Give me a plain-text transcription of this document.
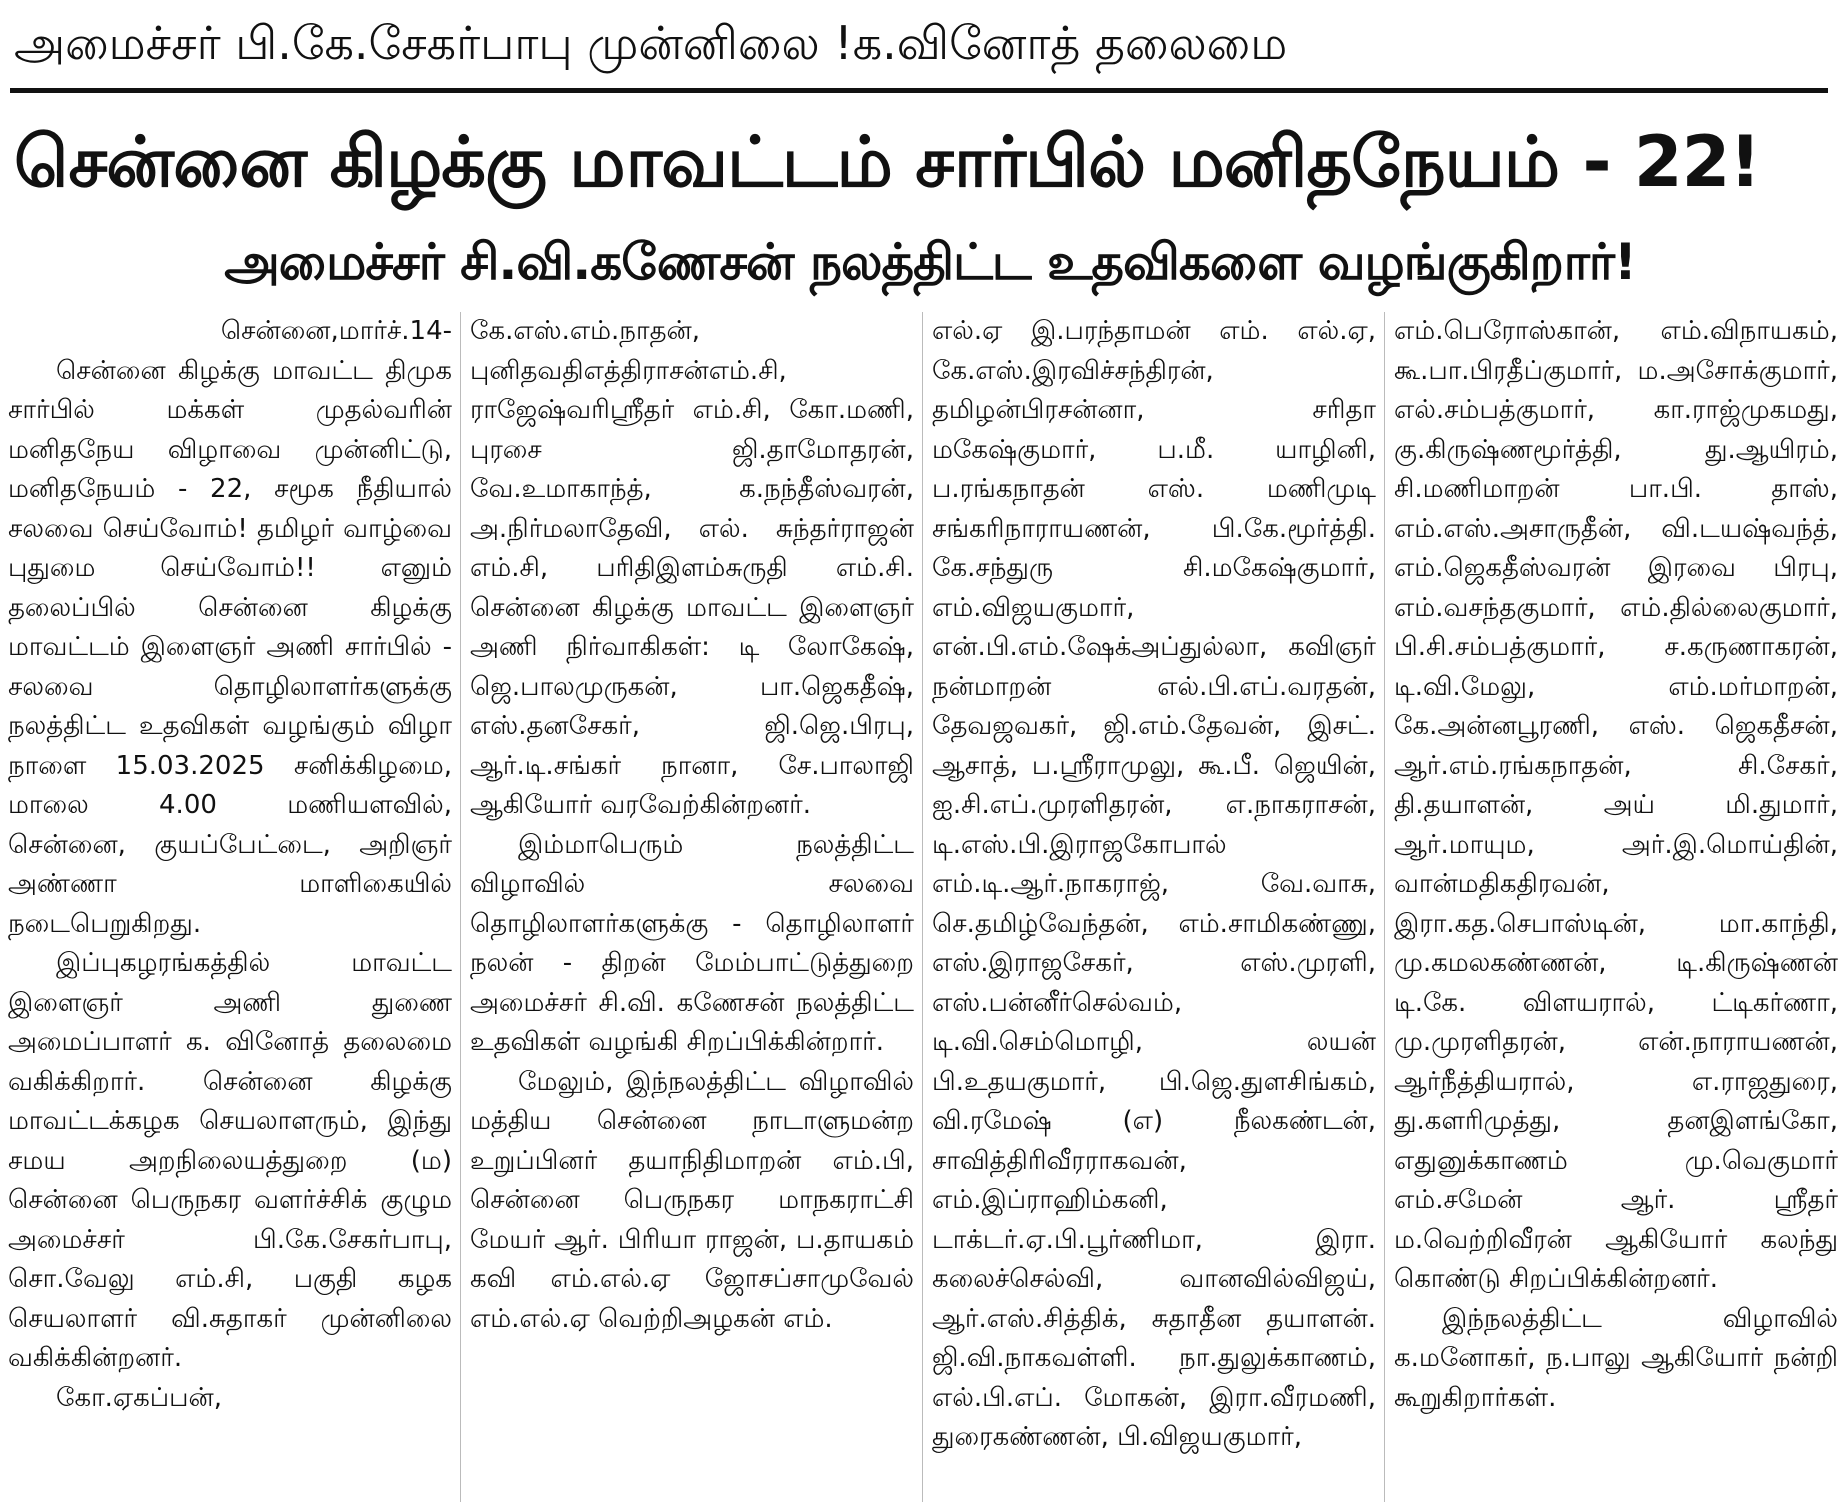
அமைச்சர் பி.கே.சேகர்பாபு முன்னிலை !க.வினோத் தலைமை
சென்னை கிழக்கு மாவட்டம் சார்பில் மனிதநேயம் - 22!
அமைச்சர் சி.வி.கணேசன் நலத்திட்ட உதவிகளை வழங்குகிறார்!

சென்னை,மார்ச்.14-

சென்னை கிழக்கு மாவட்ட திமுக சார்பில் மக்கள் முதல்வரின் மனிதநேய விழாவை முன்னிட்டு, மனிதநேயம் - 22, சமூக நீதியால் சலவை செய்வோம்! தமிழர் வாழ்வை புதுமை செய்வோம்!! எனும் தலைப்பில் சென்னை கிழக்கு மாவட்டம் இளைஞர் அணி சார்பில் - சலவை தொழிலாளர்களுக்கு நலத்திட்ட உதவிகள் வழங்கும் விழா நாளை 15.03.2025 சனிக்கிழமை, மாலை 4.00 மணியளவில், சென்னை, குயப்பேட்டை, அறிஞர் அண்ணா மாளிகையில் நடைபெறுகிறது.

இப்புகழரங்கத்தில் மாவட்ட இளைஞர் அணி துணை அமைப்பாளர் க. வினோத் தலைமை வகிக்கிறார். சென்னை கிழக்கு மாவட்டக்கழக செயலாளரும், இந்து சமய அறநிலையத்துறை (ம) சென்னை பெருநகர வளர்ச்சிக் குழும அமைச்சர் பி.கே.சேகர்பாபு, சொ.வேலு எம்.சி, பகுதி கழக செயலாளர் வி.சுதாகர் முன்னிலை வகிக்கின்றனர்.

கோ.ஏகப்பன்,

கே.எஸ்.எம்.நாதன், புனிதவதிஎத்திராசன்எம்.சி, ராஜேஷ்வரிஸ்ரீதர் எம்.சி, கோ.மணி, புரசை ஜி.தாமோதரன், வே.உமாகாந்த், க.நந்தீஸ்வரன், அ.நிர்மலாதேவி, எல். சுந்தர்ராஜன் எம்.சி, பரிதிஇளம்சுருதி எம்.சி. சென்னை கிழக்கு மாவட்ட இளைஞர் அணி நிர்வாகிகள்: டி லோகேஷ், ஜெ.பாலமுருகன், பா.ஜெகதீஷ், எஸ்.தனசேகர், ஜி.ஜெ.பிரபு, ஆர்.டி.சங்கர் நானா, சே.பாலாஜி ஆகியோர் வரவேற்கின்றனர்.

இம்மாபெரும் நலத்திட்ட விழாவில் சலவை தொழிலாளர்களுக்கு - தொழிலாளர் நலன் - திறன் மேம்பாட்டுத்துறை அமைச்சர் சி.வி. கணேசன் நலத்திட்ட உதவிகள் வழங்கி சிறப்பிக்கின்றார்.

மேலும், இந்நலத்திட்ட விழாவில் மத்திய சென்னை நாடாளுமன்ற உறுப்பினர் தயாநிதிமாறன் எம்.பி, சென்னை பெருநகர மாநகராட்சி மேயர் ஆர். பிரியா ராஜன், ப.தாயகம் கவி எம்.எல்.ஏ ஜோசப்சாமுவேல் எம்.எல்.ஏ வெற்றிஅழகன் எம்.

எல்.ஏ இ.பரந்தாமன் எம். எல்.ஏ, கே.எஸ்.இரவிச்சந்திரன், தமிழன்பிரசன்னா, சரிதா மகேஷ்குமார், ப.மீ. யாழினி, ப.ரங்கநாதன் எஸ். மணிமுடி சங்கரிநாராயணன், பி.கே.மூர்த்தி. கே.சந்துரு சி.மகேஷ்குமார், எம்.விஜயகுமார், என்.பி.எம்.ஷேக்அப்துல்லா, கவிஞர் நன்மாறன் எல்.பி.எப்.வரதன், தேவஜவகர், ஜி.எம்.தேவன், இசட். ஆசாத், ப.ஸ்ரீராமுலு, கூ.பீ. ஜெயின், ஐ.சி.எப்.முரளிதரன், எ.நாகராசன், டி.எஸ்.பி.இராஜகோபால் எம்.டி.ஆர்.நாகராஜ், வே.வாசு, செ.தமிழ்வேந்தன், எம்.சாமிகண்ணு, எஸ்.இராஜசேகர், எஸ்.முரளி, எஸ்.பன்னீர்செல்வம், டி.வி.செம்மொழி, லயன் பி.உதயகுமார், பி.ஜெ.துளசிங்கம், வி.ரமேஷ் (எ) நீலகண்டன், சாவித்திரிவீரராகவன், எம்.இப்ராஹிம்கனி, டாக்டர்.ஏ.பி.பூர்ணிமா, இரா. கலைச்செல்வி, வானவில்விஜய், ஆர்.எஸ்.சித்திக், சுதாதீன தயாளன். ஜி.வி.நாகவள்ளி. நா.துலுக்காணம், எல்.பி.எப். மோகன், இரா.வீரமணி, துரைகண்ணன், பி.விஜயகுமார்,

எம்.பெரோஸ்கான், எம்.விநாயகம், கூ.பா.பிரதீப்குமார், ம.அசோக்குமார், எல்.சம்பத்குமார், கா.ராஜ்முகமது, கு.கிருஷ்ணமூர்த்தி, து.ஆயிரம், சி.மணிமாறன் பா.பி. தாஸ், எம்.எஸ்.அசாருதீன், வி.டயஷ்வந்த், எம்.ஜெகதீஸ்வரன் இரவை பிரபு, எம்.வசந்தகுமார், எம்.தில்லைகுமார், பி.சி.சம்பத்குமார், ச.கருணாகரன், டி.வி.மேலு, எம்.மர்மாறன், கே.அன்னபூரணி, எஸ். ஜெகதீசன், ஆர்.எம்.ரங்கநாதன், சி.சேகர், தி.தயாளன், அய் மி.துமார், ஆர்.மாயும, அர்.இ.மொய்தின், வான்மதிகதிரவன், இரா.கத.செபாஸ்டின், மா.காந்தி, மு.கமலகண்ணன், டி.கிருஷ்ணன் டி.கே. விளயரால், ட்டிகர்ணா, மு.முரளிதரன், என்.நாராயணன், ஆர்நீத்தியரால், எ.ராஜதுரை, து.களரிமுத்து, தனஇளங்கோ, எதுனுக்காணம் மு.வெகுமார் எம்.சமேன் ஆர். ஸ்ரீதர் ம.வெற்றிவீரன் ஆகியோர் கலந்து கொண்டு சிறப்பிக்கின்றனர்.

இந்நலத்திட்ட விழாவில் க.மனோகர், ந.பாலு ஆகியோர் நன்றி கூறுகிறார்கள்.
